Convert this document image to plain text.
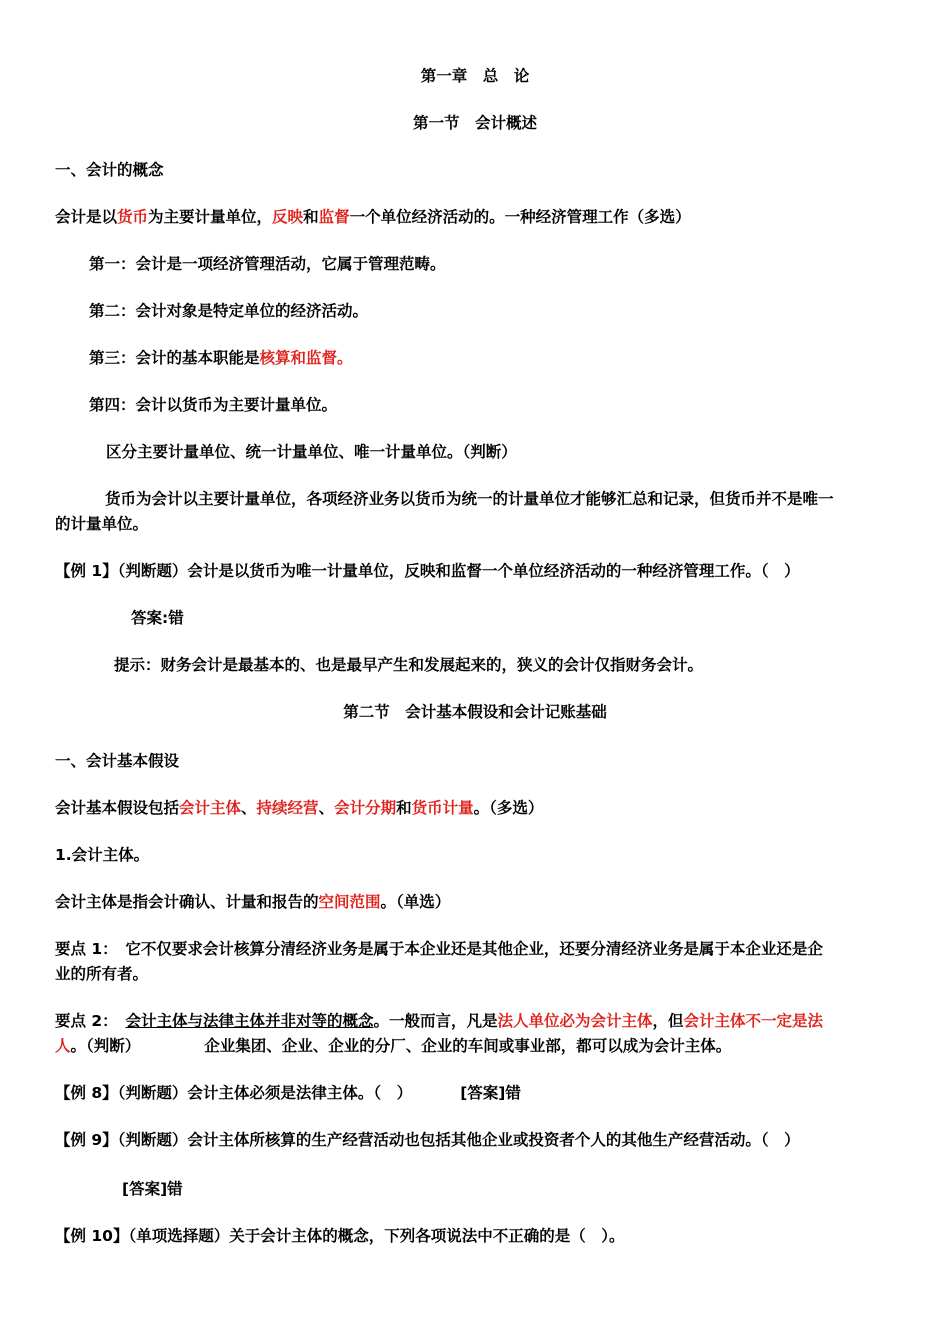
第一章　总　论
第一节　会计概述
一、会计的概念
会计是以货币为主要计量单位，反映和监督一个单位经济活动的。一种经济管理工作（多选）
第一：会计是一项经济管理活动，它属于管理范畴。
第二：会计对象是特定单位的经济活动。
第三：会计的基本职能是核算和监督。
第四：会计以货币为主要计量单位。
区分主要计量单位、统一计量单位、唯一计量单位。（判断）
货币为会计以主要计量单位，各项经济业务以货币为统一的计量单位才能够汇总和记录，但货币并不是唯一
的计量单位。
【例 1】（判断题）会计是以货币为唯一计量单位，反映和监督一个单位经济活动的一种经济管理工作。（　）
答案:错
提示：财务会计是最基本的、也是最早产生和发展起来的，狭义的会计仅指财务会计。
第二节　会计基本假设和会计记账基础
一、会计基本假设
会计基本假设包括会计主体、持续经营、会计分期和货币计量。（多选）
1.会计主体。
会计主体是指会计确认、计量和报告的空间范围。（单选）
要点 1：　它不仅要求会计核算分清经济业务是属于本企业还是其他企业，还要分清经济业务是属于本企业还是企
业的所有者。
要点 2：　会计主体与法律主体并非对等的概念。一般而言，凡是法人单位必为会计主体，但会计主体不一定是法
人。（判断）	企业集团、企业、企业的分厂、企业的车间或事业部，都可以成为会计主体。
【例 8】（判断题）会计主体必须是法律主体。（　）	[答案]错
【例 9】（判断题）会计主体所核算的生产经营活动也包括其他企业或投资者个人的其他生产经营活动。（　）
[答案]错
【例 10】（单项选择题）关于会计主体的概念，下列各项说法中不正确的是（　）。
